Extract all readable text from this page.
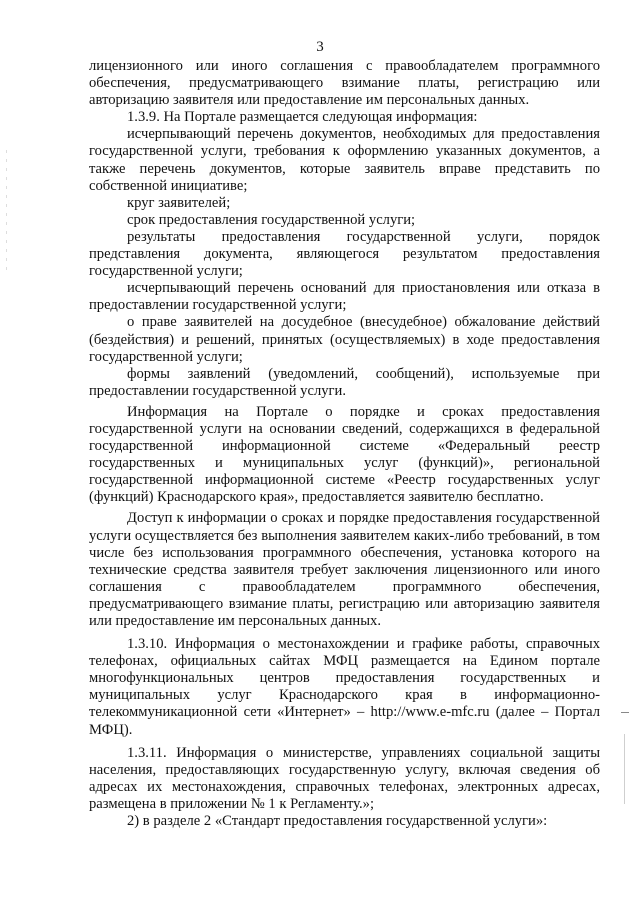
3

лицензионного или иного соглашения с правообладателем программного обеспечения, предусматривающего взимание платы, регистрацию или авторизацию заявителя или предоставление им персональных данных.

1.3.9. На Портале размещается следующая информация:

исчерпывающий перечень документов, необходимых для предоставления государственной услуги, требования к оформлению указанных документов, а также перечень документов, которые заявитель вправе представить по собственной инициативе;

круг заявителей;

срок предоставления государственной услуги;

результаты предоставления государственной услуги, порядок представления документа, являющегося результатом предоставления государственной услуги;

исчерпывающий перечень оснований для приостановления или отказа в предоставлении государственной услуги;

о праве заявителей на досудебное (внесудебное) обжалование действий (бездействия) и решений, принятых (осуществляемых) в ходе предоставления государственной услуги;

формы заявлений (уведомлений, сообщений), используемые при предоставлении государственной услуги.

Информация на Портале о порядке и сроках предоставления государственной услуги на основании сведений, содержащихся в федеральной государственной информационной системе «Федеральный реестр государственных и муниципальных услуг (функций)», региональной государственной информационной системе «Реестр государственных услуг (функций) Краснодарского края», предоставляется заявителю бесплатно.

Доступ к информации о сроках и порядке предоставления государственной услуги осуществляется без выполнения заявителем каких-либо требований, в том числе без использования программного обеспечения, установка которого на технические средства заявителя требует заключения лицензионного или иного соглашения с правообладателем программного обеспечения, предусматривающего взимание платы, регистрацию или авторизацию заявителя или предоставление им персональных данных.

1.3.10. Информация о местонахождении и графике работы, справочных телефонах, официальных сайтах МФЦ размещается на Едином портале многофункциональных центров предоставления государственных и муниципальных услуг Краснодарского края в информационно-телекоммуникационной сети «Интернет» – http://www.e-mfc.ru (далее – Портал МФЦ).

1.3.11. Информация о министерстве, управлениях социальной защиты населения, предоставляющих государственную услугу, включая сведения об адресах их местонахождения, справочных телефонах, электронных адресах, размещена в приложении № 1 к Регламенту.»;

2) в разделе 2 «Стандарт предоставления государственной услуги»:
